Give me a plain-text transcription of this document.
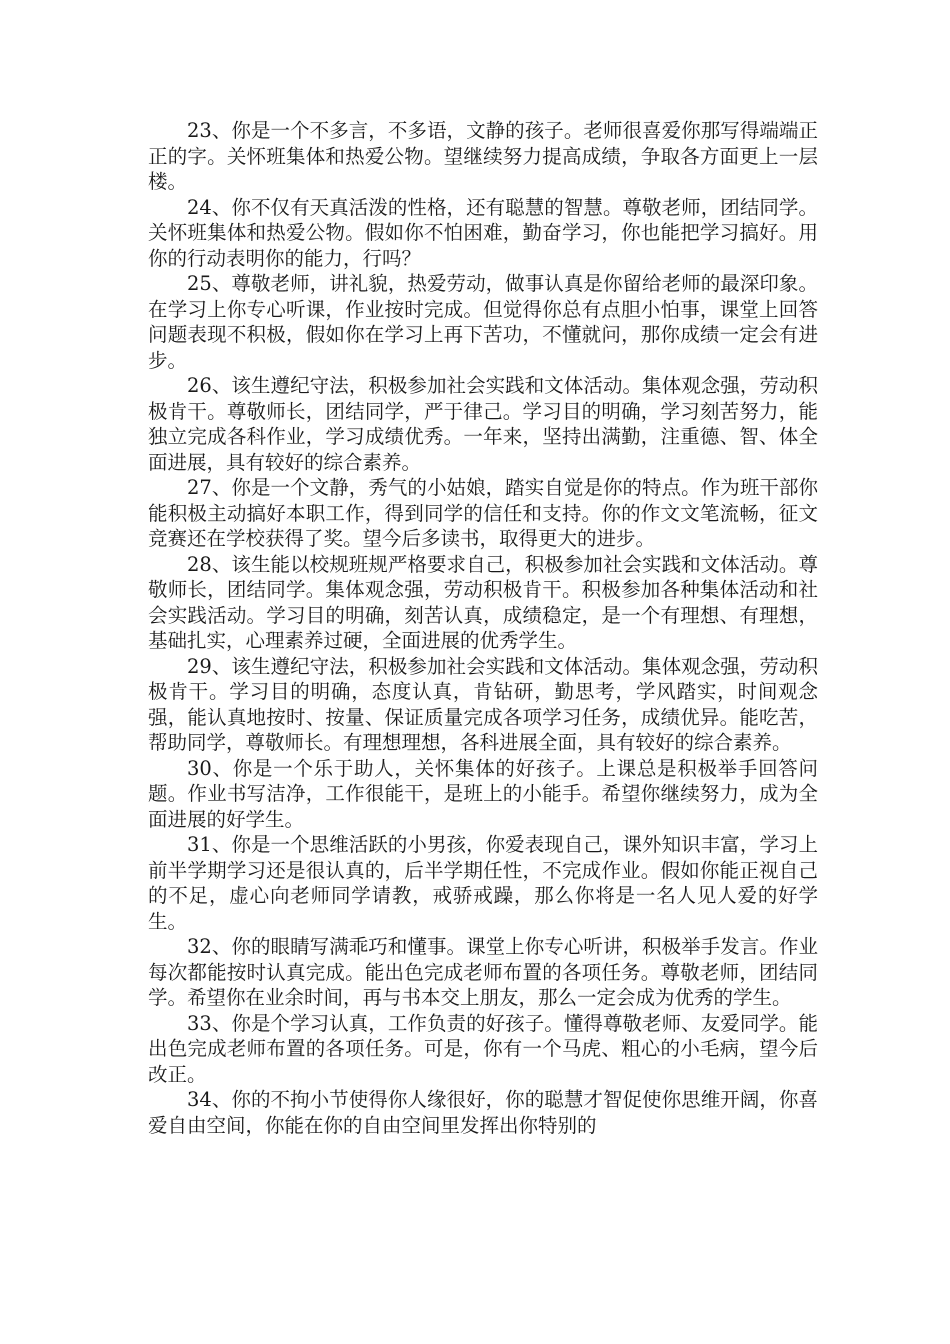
23、你是一个不多言，不多语，文静的孩子。老师很喜爱你那写得端端正正的字。关怀班集体和热爱公物。望继续努力提高成绩，争取各方面更上一层楼。

24、你不仅有天真活泼的性格，还有聪慧的智慧。尊敬老师，团结同学。关怀班集体和热爱公物。假如你不怕困难，勤奋学习，你也能把学习搞好。用你的行动表明你的能力，行吗？

25、尊敬老师，讲礼貌，热爱劳动，做事认真是你留给老师的最深印象。在学习上你专心听课，作业按时完成。但觉得你总有点胆小怕事，课堂上回答问题表现不积极，假如你在学习上再下苦功，不懂就问，那你成绩一定会有进步。

26、该生遵纪守法，积极参加社会实践和文体活动。集体观念强，劳动积极肯干。尊敬师长，团结同学，严于律己。学习目的明确，学习刻苦努力，能独立完成各科作业，学习成绩优秀。一年来，坚持出满勤，注重德、智、体全面进展，具有较好的综合素养。

27、你是一个文静，秀气的小姑娘，踏实自觉是你的特点。作为班干部你能积极主动搞好本职工作，得到同学的信任和支持。你的作文文笔流畅，征文竞赛还在学校获得了奖。望今后多读书，取得更大的进步。

28、该生能以校规班规严格要求自己，积极参加社会实践和文体活动。尊敬师长，团结同学。集体观念强，劳动积极肯干。积极参加各种集体活动和社会实践活动。学习目的明确，刻苦认真，成绩稳定，是一个有理想、有理想，基础扎实，心理素养过硬，全面进展的优秀学生。

29、该生遵纪守法，积极参加社会实践和文体活动。集体观念强，劳动积极肯干。学习目的明确，态度认真，肯钻研，勤思考，学风踏实，时间观念强，能认真地按时、按量、保证质量完成各项学习任务，成绩优异。能吃苦，帮助同学，尊敬师长。有理想理想，各科进展全面，具有较好的综合素养。

30、你是一个乐于助人，关怀集体的好孩子。上课总是积极举手回答问题。作业书写洁净，工作很能干，是班上的小能手。希望你继续努力，成为全面进展的好学生。

31、你是一个思维活跃的小男孩，你爱表现自己，课外知识丰富，学习上前半学期学习还是很认真的，后半学期任性，不完成作业。假如你能正视自己的不足，虚心向老师同学请教，戒骄戒躁，那么你将是一名人见人爱的好学生。

32、你的眼睛写满乖巧和懂事。课堂上你专心听讲，积极举手发言。作业每次都能按时认真完成。能出色完成老师布置的各项任务。尊敬老师，团结同学。希望你在业余时间，再与书本交上朋友，那么一定会成为优秀的学生。

33、你是个学习认真，工作负责的好孩子。懂得尊敬老师、友爱同学。能出色完成老师布置的各项任务。可是，你有一个马虎、粗心的小毛病，望今后改正。

34、你的不拘小节使得你人缘很好，你的聪慧才智促使你思维开阔，你喜爱自由空间，你能在你的自由空间里发挥出你特别的
